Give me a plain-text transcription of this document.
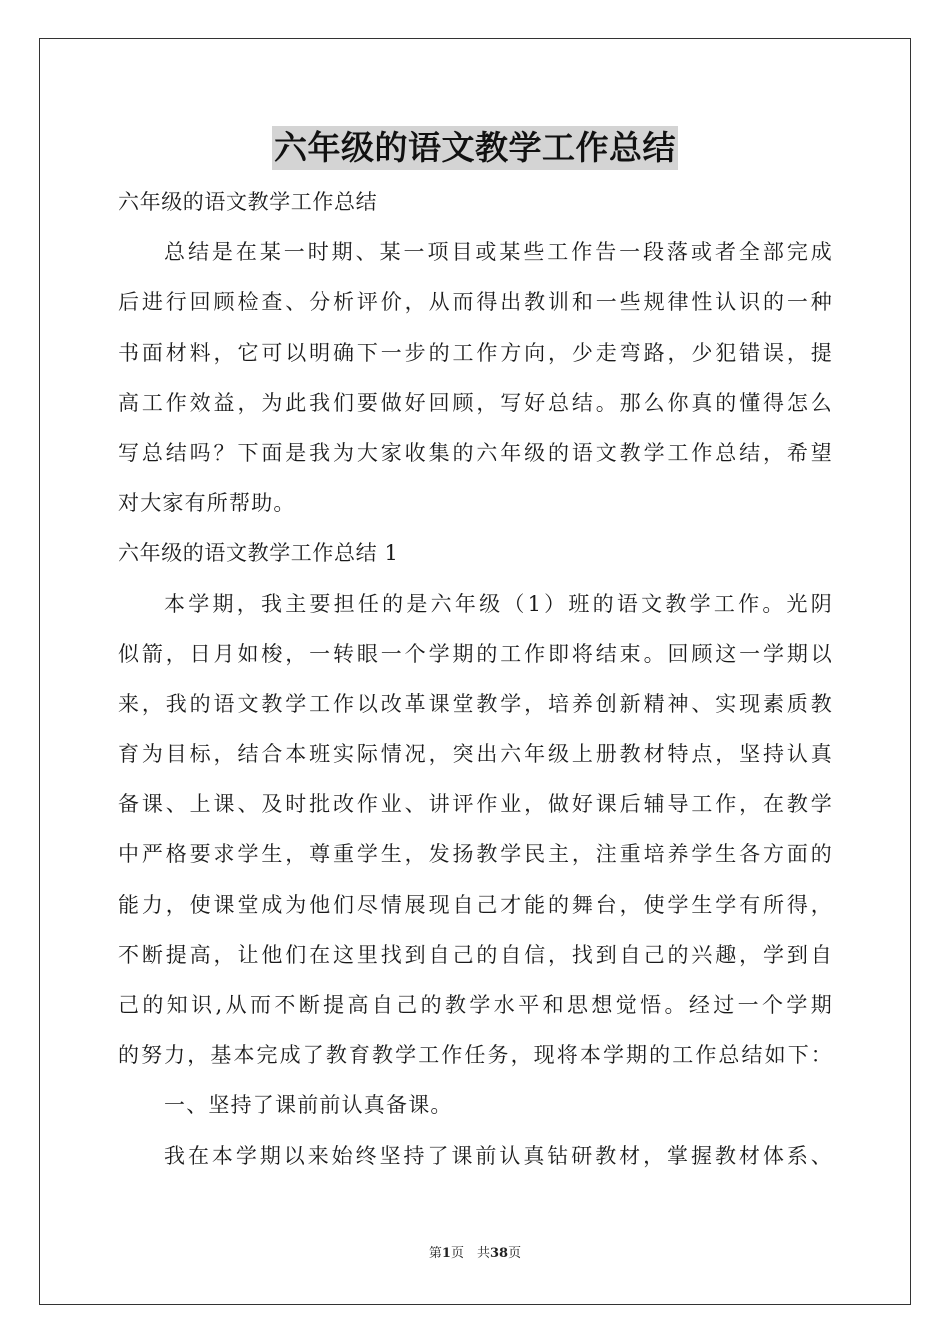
六年级的语文教学工作总结
六年级的语文教学工作总结
总结是在某一时期、某一项目或某些工作告一段落或者全部完成
后进行回顾检查、分析评价，从而得出教训和一些规律性认识的一种
书面材料，它可以明确下一步的工作方向，少走弯路，少犯错误，提
高工作效益，为此我们要做好回顾，写好总结。那么你真的懂得怎么
写总结吗？下面是我为大家收集的六年级的语文教学工作总结，希望
对大家有所帮助。
六年级的语文教学工作总结 1
本学期，我主要担任的是六年级（1）班的语文教学工作。光阴
似箭，日月如梭，一转眼一个学期的工作即将结束。回顾这一学期以
来，我的语文教学工作以改革课堂教学，培养创新精神、实现素质教
育为目标，结合本班实际情况，突出六年级上册教材特点，坚持认真
备课、上课、及时批改作业、讲评作业，做好课后辅导工作，在教学
中严格要求学生，尊重学生，发扬教学民主，注重培养学生各方面的
能力，使课堂成为他们尽情展现自己才能的舞台，使学生学有所得，
不断提高，让他们在这里找到自己的自信，找到自己的兴趣，学到自
己的知识,从而不断提高自己的教学水平和思想觉悟。经过一个学期
的努力，基本完成了教育教学工作任务，现将本学期的工作总结如下：
一、坚持了课前前认真备课。
我在本学期以来始终坚持了课前认真钻研教材，掌握教材体系、
第1页　共38页
